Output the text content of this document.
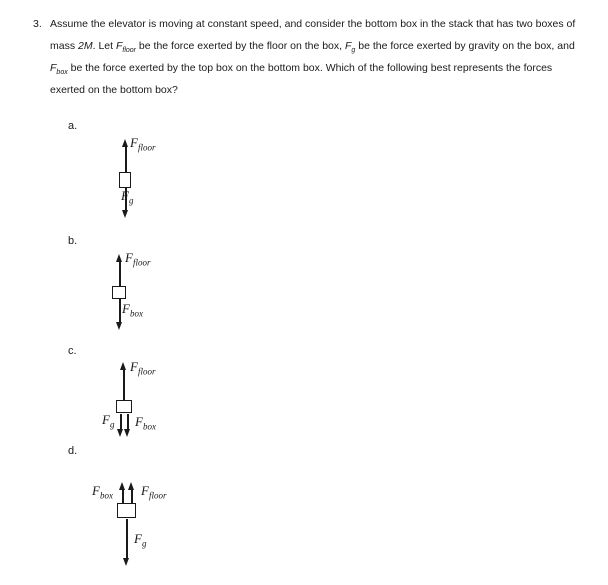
3. Assume the elevator is moving at constant speed, and consider the bottom box in the stack that has two boxes of
mass 2M. Let $F_{floor}$ be the force exerted by the floor on the box, $F_g$ be the force exerted by gravity on the box, and
$F_{box}$ be the force exerted by the top box on the bottom box. Which of the following best represents the forces
exerted on the bottom box?
a.
$F_{floor}$
$F_g$
b.
$F_{floor}$
$F_{box}$
c.
$F_{floor}$
$F_g$ $F_{box}$
d.
$F_{box}$ $F_{floor}$
$F_g$
